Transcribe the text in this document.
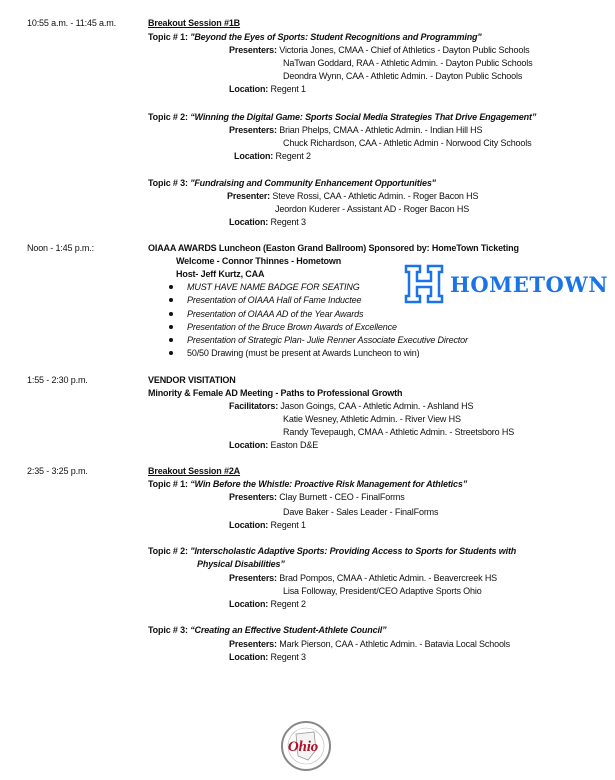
10:55 a.m. - 11:45 a.m.	Breakout Session #1B
Topic # 1: "Beyond the Eyes of Sports: Student Recognitions and Programming"
Presenters: Victoria Jones, CMAA - Chief of Athletics - Dayton Public Schools
NaTwan Goddard, RAA - Athletic Admin. - Dayton Public Schools
Deondra Wynn, CAA - Athletic Admin. - Dayton Public Schools
Location: Regent 1
Topic # 2: “Winning the Digital Game: Sports Social Media Strategies That Drive Engagement”
Presenters: Brian Phelps, CMAA - Athletic Admin. - Indian Hill HS
Chuck Richardson, CAA - Athletic Admin - Norwood City Schools
Location: Regent 2
Topic # 3: "Fundraising and Community Enhancement Opportunities"
Presenter: Steve Rossi, CAA - Athletic Admin. - Roger Bacon HS
Jeordon Kuderer - Assistant AD - Roger Bacon HS
Location: Regent 3
Noon - 1:45 p.m.:	OIAAA AWARDS Luncheon (Easton Grand Ballroom) Sponsored by: HomeTown Ticketing
Welcome - Connor Thinnes - Hometown
Host- Jeff Kurtz, CAA
MUST HAVE NAME BADGE FOR SEATING
Presentation of OIAAA Hall of Fame Inductee
Presentation of OIAAA AD of the Year Awards
Presentation of the Bruce Brown Awards of Excellence
Presentation of Strategic Plan- Julie Renner Associate Executive Director
50/50 Drawing (must be present at Awards Luncheon to win)
HOMETOWN
1:55 - 2:30 p.m.	VENDOR VISITATION
Minority & Female AD Meeting - Paths to Professional Growth
Facilitators: Jason Goings, CAA - Athletic Admin. - Ashland HS
Katie Wesney, Athletic Admin. - River View HS
Randy Tevepaugh, CMAA - Athletic Admin. - Streetsboro HS
Location: Easton D&E
2:35 - 3:25 p.m.	Breakout Session #2A
Topic # 1: “Win Before the Whistle: Proactive Risk Management for Athletics”
Presenters: Clay Burnett - CEO - FinalForms
Dave Baker - Sales Leader - FinalForms
Location: Regent 1
Topic # 2: "Interscholastic Adaptive Sports: Providing Access to Sports for Students with
Physical Disabilities”
Presenters: Brad Pompos, CMAA - Athletic Admin. - Beavercreek HS
Lisa Followay, President/CEO Adaptive Sports Ohio
Location: Regent 2
Topic # 3: “Creating an Effective Student-Athlete Council”
Presenters: Mark Pierson, CAA - Athletic Admin. - Batavia Local Schools
Location: Regent 3
Ohio
